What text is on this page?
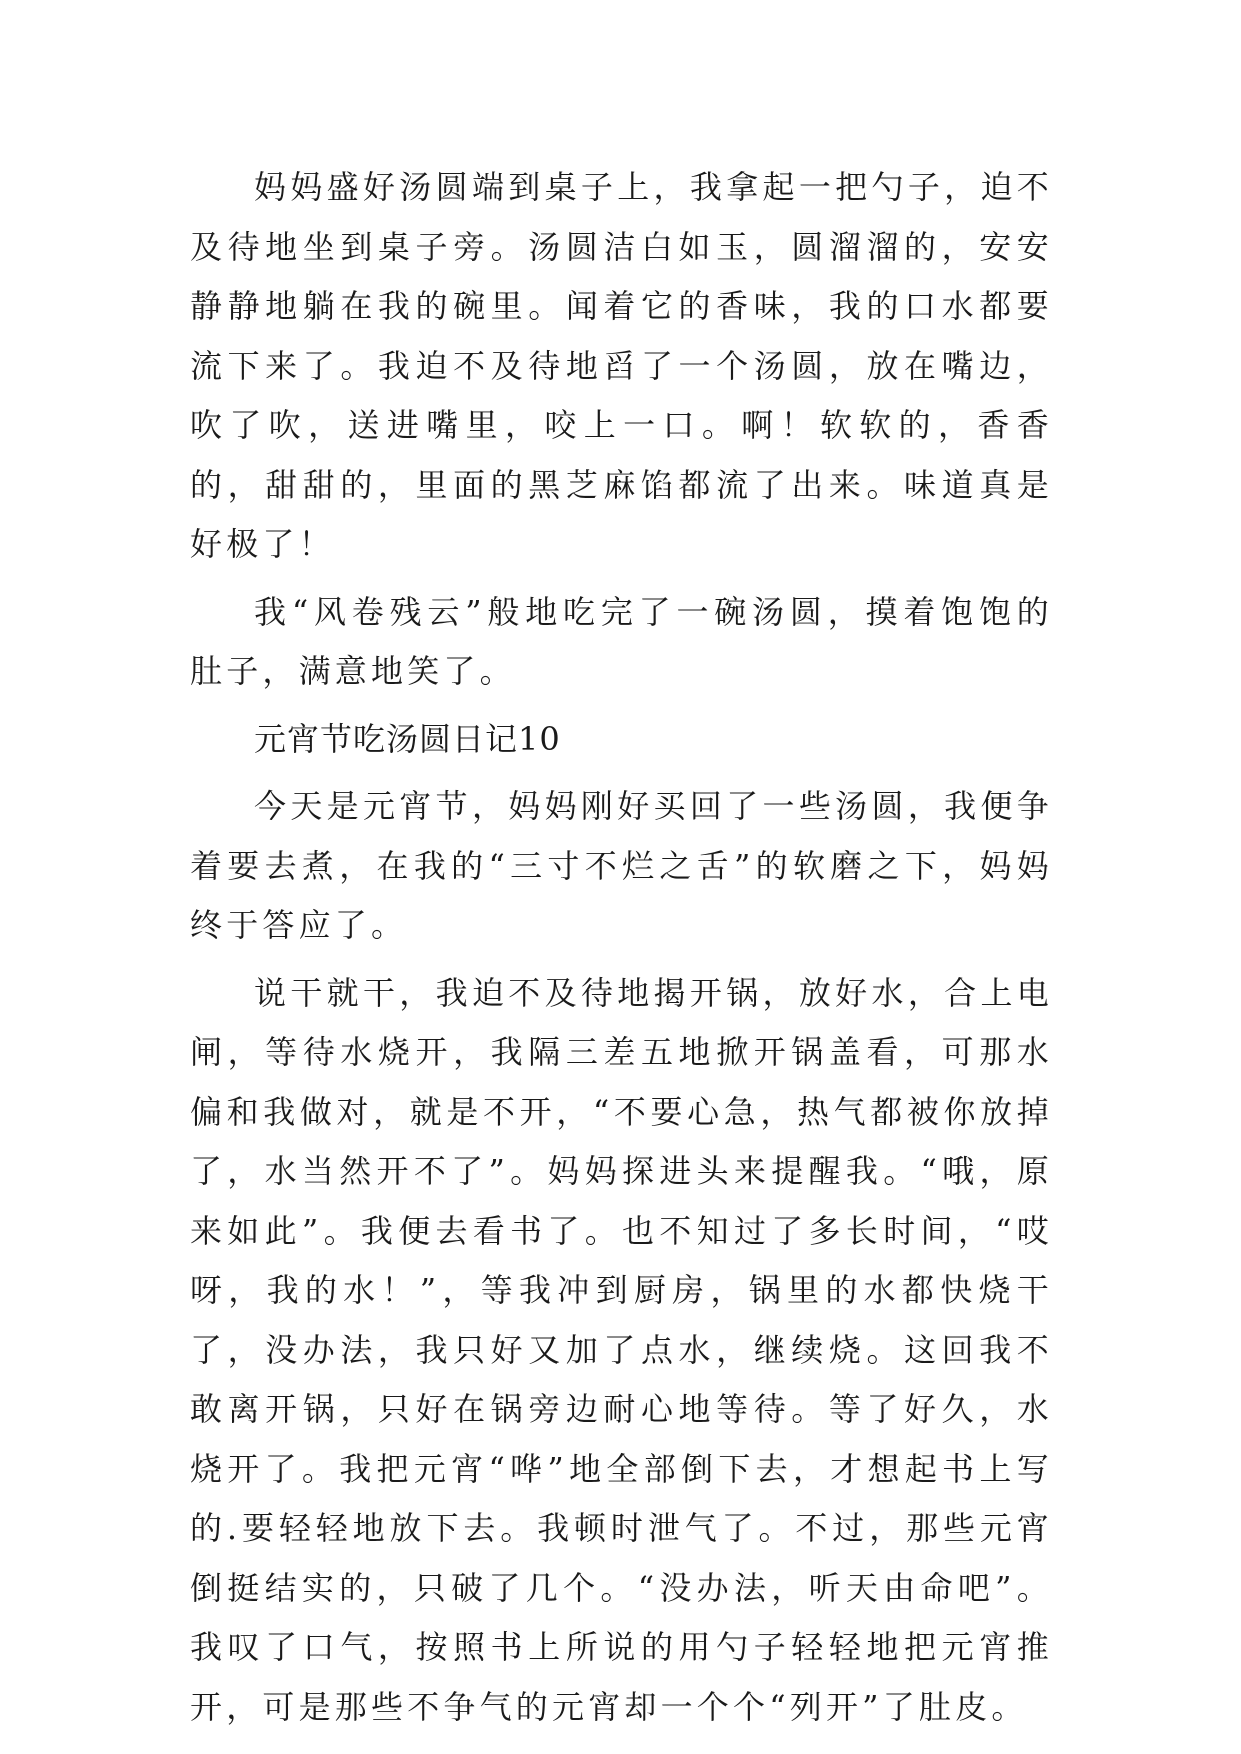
妈妈盛好汤圆端到桌子上，我拿起一把勺子，迫不及待地坐到桌子旁。汤圆洁白如玉，圆溜溜的，安安静静地躺在我的碗里。闻着它的香味，我的口水都要流下来了。我迫不及待地舀了一个汤圆，放在嘴边，吹了吹，送进嘴里，咬上一口。啊！软软的，香香的，甜甜的，里面的黑芝麻馅都流了出来。味道真是好极了！

我“风卷残云”般地吃完了一碗汤圆，摸着饱饱的肚子，满意地笑了。

元宵节吃汤圆日记10

今天是元宵节，妈妈刚好买回了一些汤圆，我便争着要去煮，在我的“三寸不烂之舌”的软磨之下，妈妈终于答应了。

说干就干，我迫不及待地揭开锅，放好水，合上电闸，等待水烧开，我隔三差五地掀开锅盖看，可那水偏和我做对，就是不开，“不要心急，热气都被你放掉了，水当然开不了”。妈妈探进头来提醒我。“哦，原来如此”。我便去看书了。也不知过了多长时间，“哎呀，我的水！”，等我冲到厨房，锅里的水都快烧干了，没办法，我只好又加了点水，继续烧。这回我不敢离开锅，只好在锅旁边耐心地等待。等了好久，水烧开了。我把元宵“哗”地全部倒下去，才想起书上写的.要轻轻地放下去。我顿时泄气了。不过，那些元宵倒挺结实的，只破了几个。“没办法，听天由命吧”。我叹了口气，按照书上所说的用勺子轻轻地把元宵推开，可是那些不争气的元宵却一个个“列开”了肚皮。
